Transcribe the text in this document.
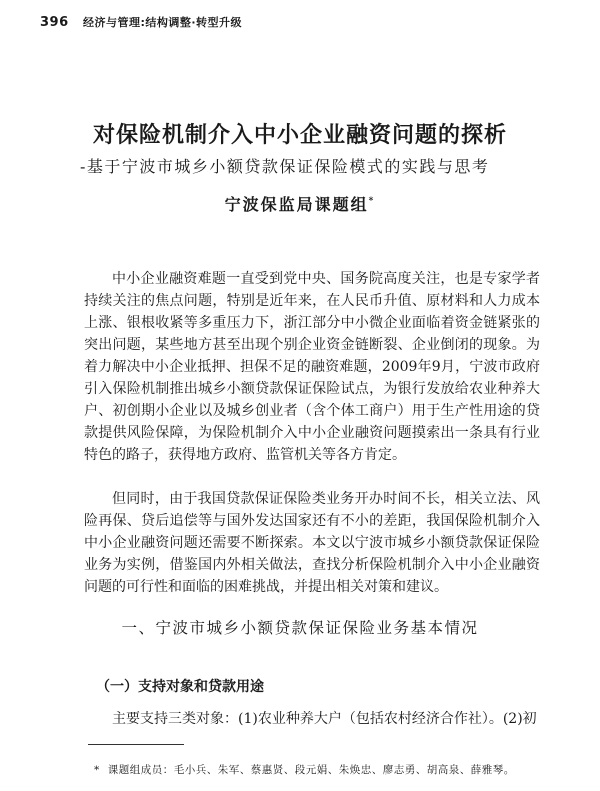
396 经济与管理:结构调整·转型升级
对保险机制介入中小企业融资问题的探析
-基于宁波市城乡小额贷款保证保险模式的实践与思考
宁波保监局课题组*

中小企业融资难题一直受到党中央、国务院高度关注，也是专家学者持续关注的焦点问题，特别是近年来，在人民币升值、原材料和人力成本上涨、银根收紧等多重压力下，浙江部分中小微企业面临着资金链紧张的突出问题，某些地方甚至出现个别企业资金链断裂、企业倒闭的现象。为着力解决中小企业抵押、担保不足的融资难题，2009年9月，宁波市政府引入保险机制推出城乡小额贷款保证保险试点，为银行发放给农业种养大户、初创期小企业以及城乡创业者（含个体工商户）用于生产性用途的贷款提供风险保障，为保险机制介入中小企业融资问题摸索出一条具有行业特色的路子，获得地方政府、监管机关等各方肯定。

但同时，由于我国贷款保证保险类业务开办时间不长，相关立法、风险再保、贷后追偿等与国外发达国家还有不小的差距，我国保险机制介入中小企业融资问题还需要不断探索。本文以宁波市城乡小额贷款保证保险业务为实例，借鉴国内外相关做法，查找分析保险机制介入中小企业融资问题的可行性和面临的困难挑战，并提出相关对策和建议。

一、宁波市城乡小额贷款保证保险业务基本情况
（一）支持对象和贷款用途

主要支持三类对象：(1)农业种养大户（包括农村经济合作社）。(2)初

* 课题组成员：毛小兵、朱军、蔡惠贤、段元娟、朱焕忠、廖志勇、胡高泉、薛雅琴。
